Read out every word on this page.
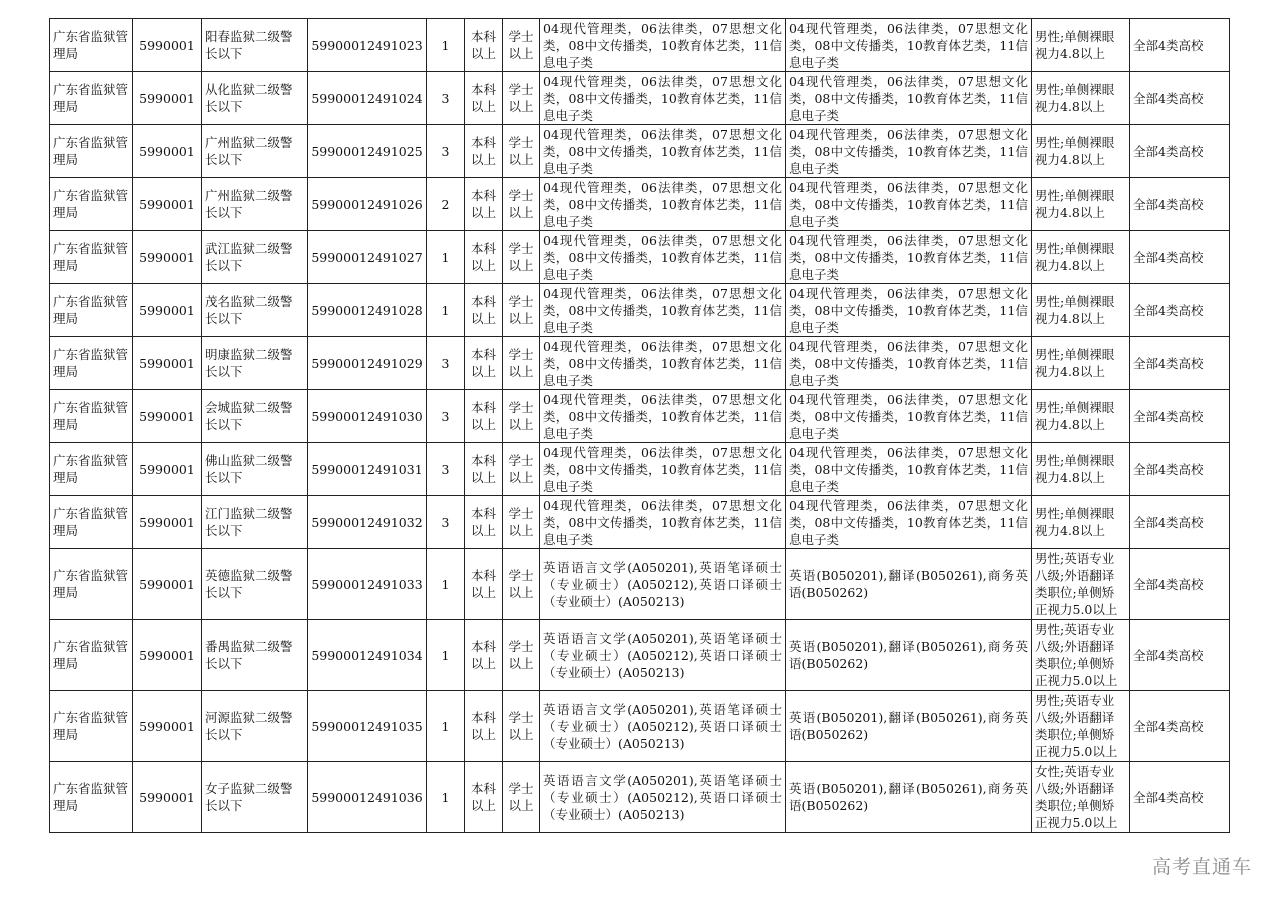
广东省监狱管理局	5990001	阳春监狱二级警长以下	59900012491023	1	本科以上	学士以上	04现代管理类，06法律类，07思想文化类，08中文传播类，10教育体艺类，11信息电子类	04现代管理类，06法律类，07思想文化类，08中文传播类，10教育体艺类，11信息电子类	男性;单侧裸眼视力4.8以上	全部4类高校
广东省监狱管理局	5990001	从化监狱二级警长以下	59900012491024	3	本科以上	学士以上	04现代管理类，06法律类，07思想文化类，08中文传播类，10教育体艺类，11信息电子类	04现代管理类，06法律类，07思想文化类，08中文传播类，10教育体艺类，11信息电子类	男性;单侧裸眼视力4.8以上	全部4类高校
广东省监狱管理局	5990001	广州监狱二级警长以下	59900012491025	3	本科以上	学士以上	04现代管理类，06法律类，07思想文化类，08中文传播类，10教育体艺类，11信息电子类	04现代管理类，06法律类，07思想文化类，08中文传播类，10教育体艺类，11信息电子类	男性;单侧裸眼视力4.8以上	全部4类高校
广东省监狱管理局	5990001	广州监狱二级警长以下	59900012491026	2	本科以上	学士以上	04现代管理类，06法律类，07思想文化类，08中文传播类，10教育体艺类，11信息电子类	04现代管理类，06法律类，07思想文化类，08中文传播类，10教育体艺类，11信息电子类	男性;单侧裸眼视力4.8以上	全部4类高校
广东省监狱管理局	5990001	武江监狱二级警长以下	59900012491027	1	本科以上	学士以上	04现代管理类，06法律类，07思想文化类，08中文传播类，10教育体艺类，11信息电子类	04现代管理类，06法律类，07思想文化类，08中文传播类，10教育体艺类，11信息电子类	男性;单侧裸眼视力4.8以上	全部4类高校
广东省监狱管理局	5990001	茂名监狱二级警长以下	59900012491028	1	本科以上	学士以上	04现代管理类，06法律类，07思想文化类，08中文传播类，10教育体艺类，11信息电子类	04现代管理类，06法律类，07思想文化类，08中文传播类，10教育体艺类，11信息电子类	男性;单侧裸眼视力4.8以上	全部4类高校
广东省监狱管理局	5990001	明康监狱二级警长以下	59900012491029	3	本科以上	学士以上	04现代管理类，06法律类，07思想文化类，08中文传播类，10教育体艺类，11信息电子类	04现代管理类，06法律类，07思想文化类，08中文传播类，10教育体艺类，11信息电子类	男性;单侧裸眼视力4.8以上	全部4类高校
广东省监狱管理局	5990001	会城监狱二级警长以下	59900012491030	3	本科以上	学士以上	04现代管理类，06法律类，07思想文化类，08中文传播类，10教育体艺类，11信息电子类	04现代管理类，06法律类，07思想文化类，08中文传播类，10教育体艺类，11信息电子类	男性;单侧裸眼视力4.8以上	全部4类高校
广东省监狱管理局	5990001	佛山监狱二级警长以下	59900012491031	3	本科以上	学士以上	04现代管理类，06法律类，07思想文化类，08中文传播类，10教育体艺类，11信息电子类	04现代管理类，06法律类，07思想文化类，08中文传播类，10教育体艺类，11信息电子类	男性;单侧裸眼视力4.8以上	全部4类高校
广东省监狱管理局	5990001	江门监狱二级警长以下	59900012491032	3	本科以上	学士以上	04现代管理类，06法律类，07思想文化类，08中文传播类，10教育体艺类，11信息电子类	04现代管理类，06法律类，07思想文化类，08中文传播类，10教育体艺类，11信息电子类	男性;单侧裸眼视力4.8以上	全部4类高校
广东省监狱管理局	5990001	英德监狱二级警长以下	59900012491033	1	本科以上	学士以上	英语语言文学(A050201),英语笔译硕士（专业硕士）(A050212),英语口译硕士（专业硕士）(A050213)	英语(B050201),翻译(B050261),商务英语(B050262)	男性;英语专业八级;外语翻译类职位;单侧矫正视力5.0以上	全部4类高校
广东省监狱管理局	5990001	番禺监狱二级警长以下	59900012491034	1	本科以上	学士以上	英语语言文学(A050201),英语笔译硕士（专业硕士）(A050212),英语口译硕士（专业硕士）(A050213)	英语(B050201),翻译(B050261),商务英语(B050262)	男性;英语专业八级;外语翻译类职位;单侧矫正视力5.0以上	全部4类高校
广东省监狱管理局	5990001	河源监狱二级警长以下	59900012491035	1	本科以上	学士以上	英语语言文学(A050201),英语笔译硕士（专业硕士）(A050212),英语口译硕士（专业硕士）(A050213)	英语(B050201),翻译(B050261),商务英语(B050262)	男性;英语专业八级;外语翻译类职位;单侧矫正视力5.0以上	全部4类高校
广东省监狱管理局	5990001	女子监狱二级警长以下	59900012491036	1	本科以上	学士以上	英语语言文学(A050201),英语笔译硕士（专业硕士）(A050212),英语口译硕士（专业硕士）(A050213)	英语(B050201),翻译(B050261),商务英语(B050262)	女性;英语专业八级;外语翻译类职位;单侧矫正视力5.0以上	全部4类高校
高考直通车
